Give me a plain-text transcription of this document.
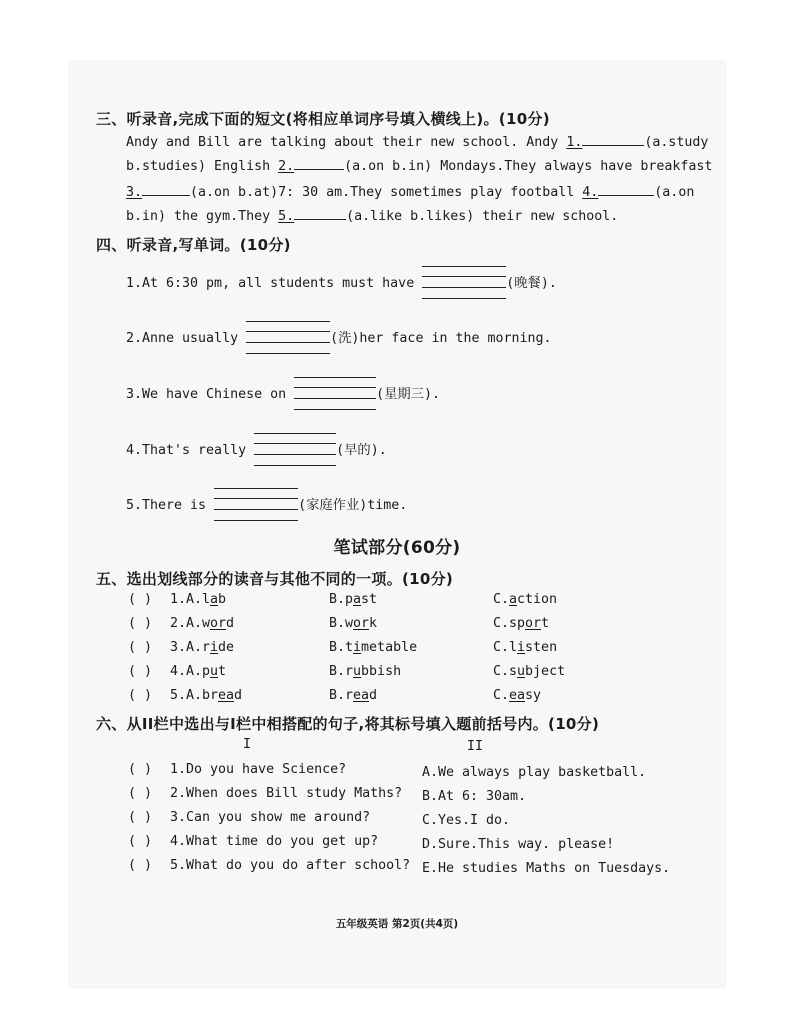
三、听录音,完成下面的短文(将相应单词序号填入横线上)。(10分)
Andy and Bill are talking about their new school. Andy 1.	(a.study
b.studies) English 2.	(a.on b.in) Mondays.They always have breakfast
3.	(a.on b.at)7: 30 am.They sometimes play football 4.	(a.on
b.in) the gym.They 5.	(a.like b.likes) their new school.
四、听录音,写单词。(10分)
1.At 6:30 pm, all students must have	(晚餐).
2.Anne usually	(洗)her face in the morning.
3.We have Chinese on	(星期三).
4.That's really	(早的).
5.There is	(家庭作业)time.
笔试部分(60分)
五、选出划线部分的读音与其他不同的一项。(10分)
( ) 1. A.lab	B.past	C.action
( ) 2. A.word	B.work	C.sport
( ) 3. A.ride	B.timetable	C.listen
( ) 4. A.put	B.rubbish	C.subject
( ) 5. A.bread	B.read	C.easy
六、从II栏中选出与I栏中相搭配的句子,将其标号填入题前括号内。(10分)
I	II
( ) 1.Do you have Science?	A.We always play basketball.
( ) 2.When does Bill study Maths? B.At 6: 30am.
( ) 3.Can you show me around?	C.Yes.I do.
( ) 4.What time do you get up?	D.Sure.This way. please!
( ) 5.What do you do after school? E.He studies Maths on Tuesdays.
五年级英语 第2页(共4页)
